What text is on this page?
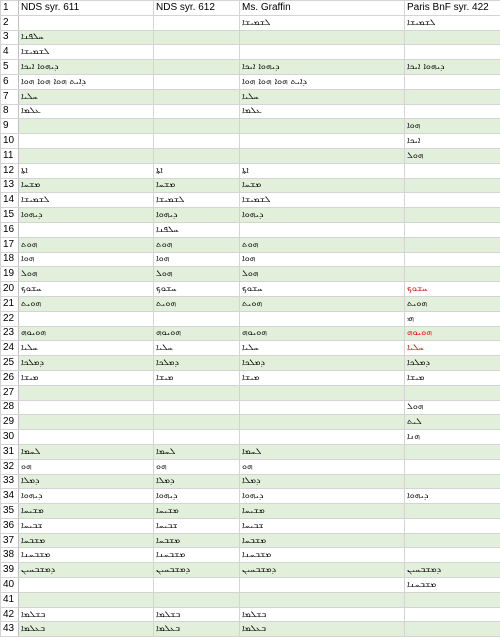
1	NDS syr. 611	NDS syr. 612	Ms. Graffin	Paris BnF syr. 422
2			ܠܫܡܝܫܐ	ܠܫܡܝܫܐ
3	ܚܠܦܢܐ			
4	ܠܫܡܝܫܐ			
5	ܕܝܗܘܐ ܐܝܟܐ		ܕܝܗܘܐ ܐܝܟܐ	ܕܝܗܘܐ ܐܝܟܐ
6	ܕܐܝܬ ܗܘܐ ܗܘܐ ܗܘܐ		ܕܐܝܬ ܗܘܐ ܗܘܐ ܗܘܐ	
7	ܚܠܝܐ		ܚܠܝܐ	
8	ܥܠܡܐ		ܥܠܡܐ	
9				ܗܘܐ
10				ܐܝܟܐ
11				ܗܘܠ
12	ܐܬܐ	ܐܬܐ	ܐܬܐ	
13	ܡܫܚܐ	ܡܫܚܐ	ܡܫܚܐ	
14	ܠܫܡܝܫܐ	ܠܫܡܝܫܐ	ܠܫܡܝܫܐ	
15	ܕܝܗܘܐ	ܕܝܗܘܐ	ܕܝܗܘܐ	
16		ܚܠܦܢܐ		
17	ܗܘܬ	ܗܘܬ	ܗܘܬ	
18	ܗܘܐ	ܗܘܐ	ܗܘܐ	
19	ܗܘܠ	ܗܘܠ	ܗܘܠ	
20	ܚܫܘܟ	ܚܫܘܟ	ܚܫܘܟ	ܚܫܘܟ
21	ܗܘܝܬ	ܗܘܝܬ	ܗܘܝܬ	ܗܘܝܬ
22				ܗܝ
23	ܗܘܝܘܗ	ܗܘܝܘܗ	ܗܘܝܘܗ	ܗܘܝܘܗ
24	ܚܠܝܐ	ܚܠܝܐ	ܚܠܝܐ	ܚܠܝܐ
25	ܕܡܠܟܐ	ܕܡܠܟܐ	ܕܡܠܟܐ	ܕܡܠܟܐ
26	ܡܝܫܐ	ܡܝܫܐ	ܡܝܫܐ	ܡܝܫܐ
27				
28				ܗܘܠ
29				ܠܝܬ
30				ܗܢܐ
31	ܠܚܡܐ	ܠܚܡܐ	ܠܚܡܐ	
32	ܗܘ	ܗܘ	ܗܘ	
33	ܕܡܠܐ	ܕܡܠܐ	ܕܡܠܐ	
34	ܕܝܗܘܐ	ܕܝܗܘܐ	ܕܝܗܘܐ	ܕܝܗܘܐ
35	ܡܫܝܚܐ	ܡܫܝܚܐ	ܡܫܝܚܐ	
36	ܫܒܝܚܐ	ܫܒܝܚܐ	ܫܒܝܚܐ	
37	ܡܫܒܚܐ	ܡܫܒܚܐ	ܡܫܒܚܐ	
38	ܡܫܒܚܢܐ	ܡܫܒܚܢܐ	ܡܫܒܚܢܐ	
39	ܕܡܫܒܚܝܢ	ܕܡܫܒܚܝܢ	ܕܡܫܒܚܝܢ	ܕܡܫܒܚܝܢ
40				ܡܫܒܚܢܐ
41				
42	ܒܫܠܡܐ	ܒܫܠܡܐ	ܒܫܠܡܐ	
43	ܒܥܠܡܐ	ܒܥܠܡܐ	ܒܥܠܡܐ	
